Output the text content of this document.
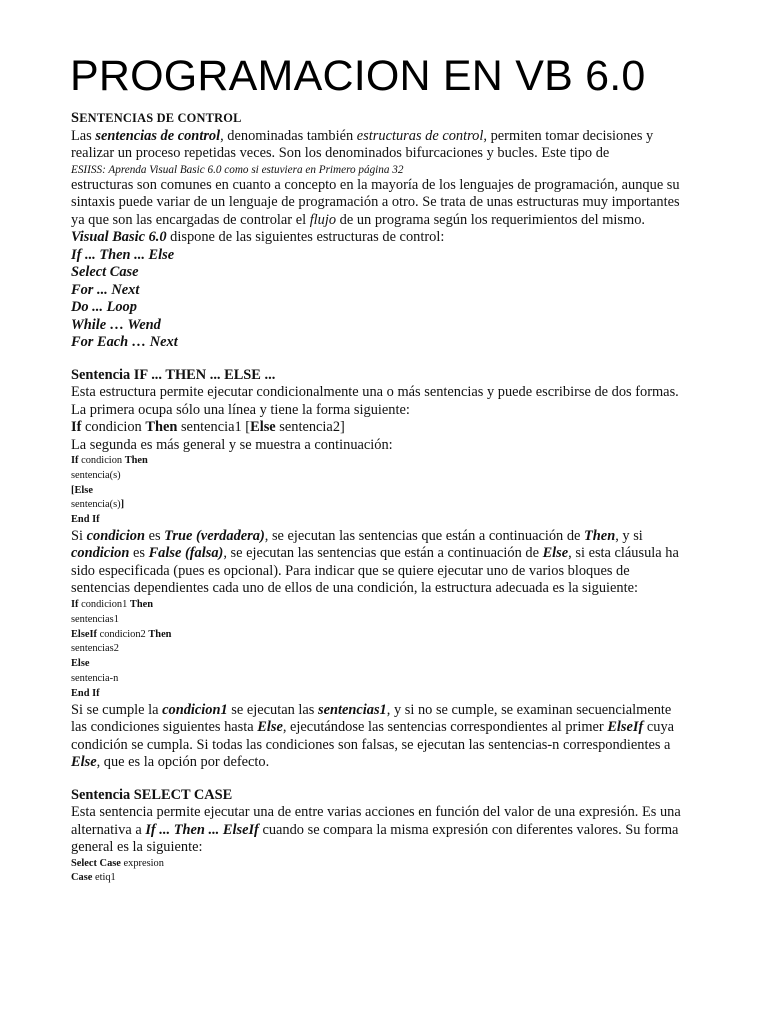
PROGRAMACION EN VB 6.0

SENTENCIAS DE CONTROL

Las sentencias de control, denominadas también estructuras de control, permiten tomar decisiones y realizar un proceso repetidas veces. Son los denominados bifurcaciones y bucles. Este tipo de

ESIISS: Aprenda Visual Basic 6.0 como si estuviera en Primero página 32

estructuras son comunes en cuanto a concepto en la mayoría de los lenguajes de programación, aunque su sintaxis puede variar de un lenguaje de programación a otro. Se trata de unas estructuras muy importantes ya que son las encargadas de controlar el flujo de un programa según los requerimientos del mismo. Visual Basic 6.0 dispone de las siguientes estructuras de control:

If ... Then ... Else

Select Case

For ... Next

Do ... Loop

While … Wend

For Each … Next

Sentencia IF ... THEN ... ELSE ...

Esta estructura permite ejecutar condicionalmente una o más sentencias y puede escribirse de dos formas. La primera ocupa sólo una línea y tiene la forma siguiente:

If condicion Then sentencia1 [Else sentencia2]

La segunda es más general y se muestra a continuación:

If condicion Then

sentencia(s)

[Else

sentencia(s)]

End If

Si condicion es True (verdadera), se ejecutan las sentencias que están a continuación de Then, y si condicion es False (falsa), se ejecutan las sentencias que están a continuación de Else, si esta cláusula ha sido especificada (pues es opcional). Para indicar que se quiere ejecutar uno de varios bloques de sentencias dependientes cada uno de ellos de una condición, la estructura adecuada es la siguiente:

If condicion1 Then

sentencias1

ElseIf condicion2 Then

sentencias2

Else

sentencia-n

End If

Si se cumple la condicion1 se ejecutan las sentencias1, y si no se cumple, se examinan secuencialmente las condiciones siguientes hasta Else, ejecutándose las sentencias correspondientes al primer ElseIf cuya condición se cumpla. Si todas las condiciones son falsas, se ejecutan las sentencias-n correspondientes a Else, que es la opción por defecto.

Sentencia SELECT CASE

Esta sentencia permite ejecutar una de entre varias acciones en función del valor de una expresión. Es una alternativa a If ... Then ... ElseIf cuando se compara la misma expresión con diferentes valores. Su forma general es la siguiente:

Select Case expresion

Case etiq1
